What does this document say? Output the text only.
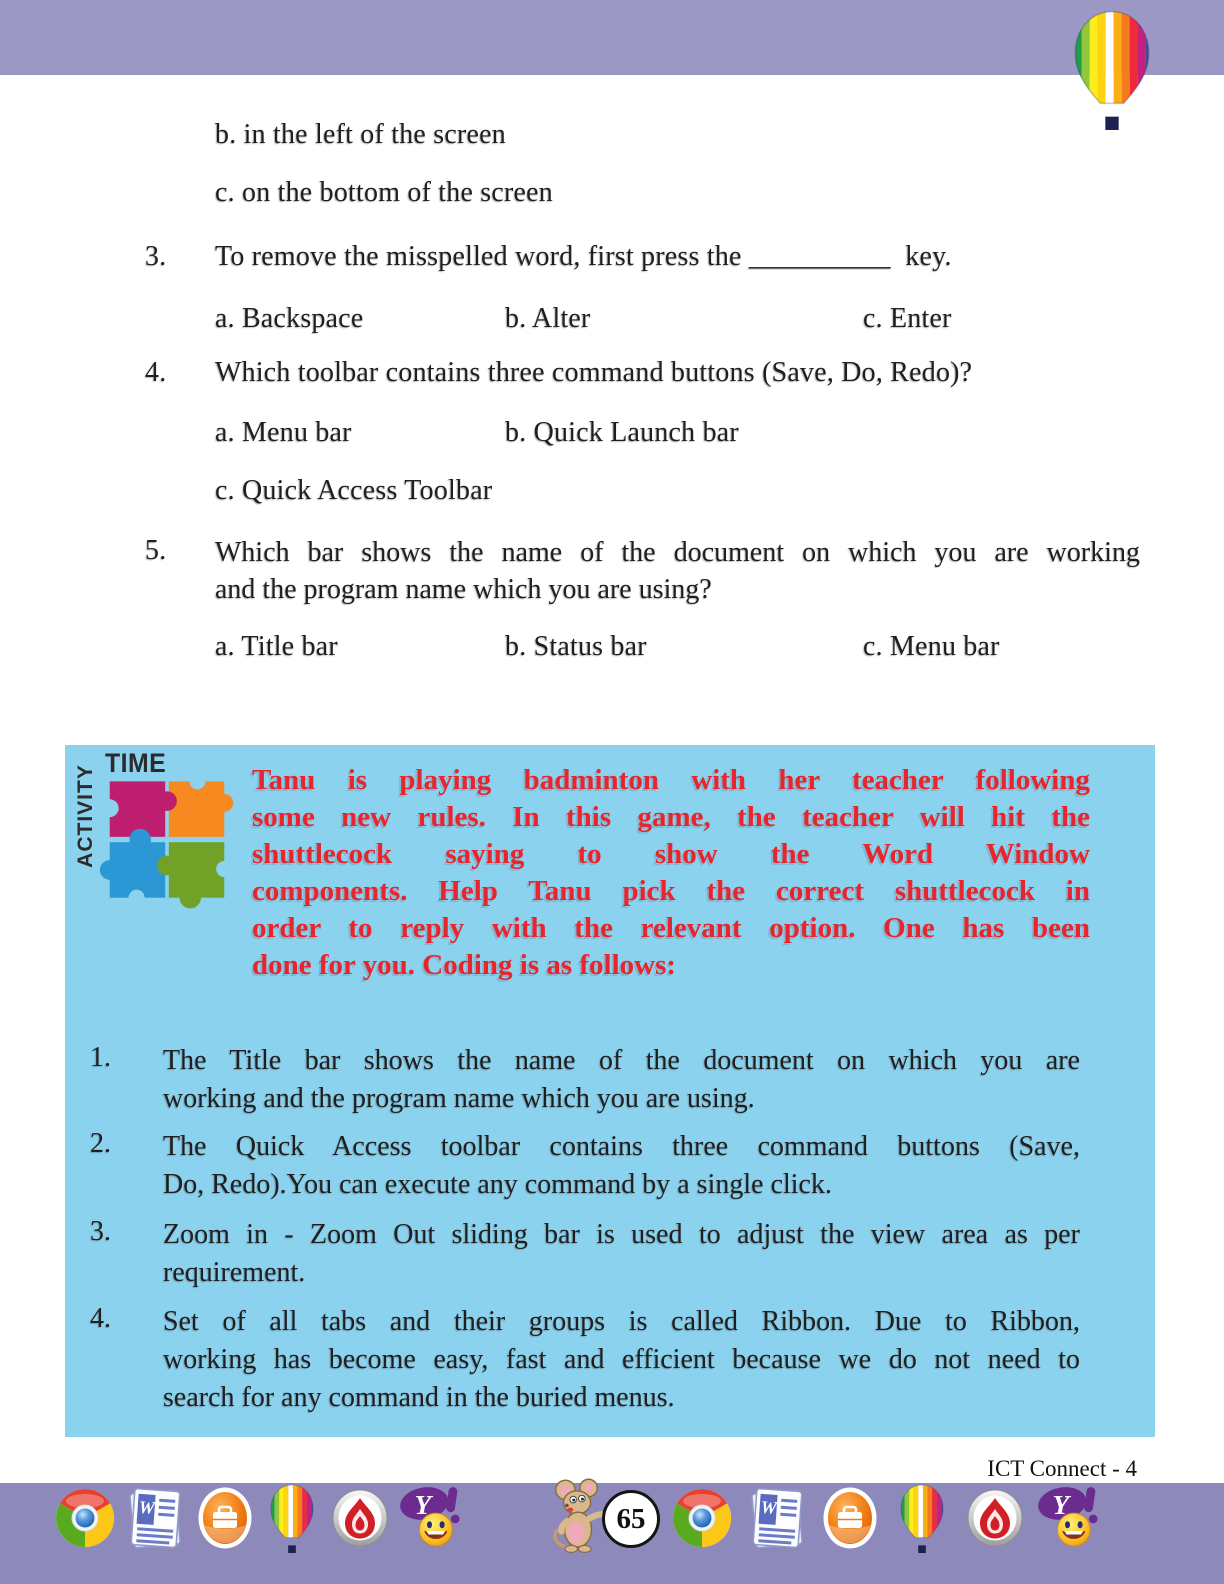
b. in the left of the screen
c. on the bottom of the screen
3. To remove the misspelled word, first press the __________  key.
a. Backspace	b. Alter	c. Enter
4. Which toolbar contains three command buttons (Save, Do, Redo)?
a. Menu bar	b. Quick Launch bar
c. Quick Access Toolbar
5. Which bar shows the name of the document on which you are working
and the program name which you are using?
a. Title bar	b. Status bar	c. Menu bar
TIME
ACTIVITY	Tanu is playing badminton with her teacher following
some new rules. In this game, the teacher will hit the
shuttlecock saying to show the Word Window
components. Help Tanu pick the correct shuttlecock in
order to reply with the relevant option. One has been
done for you. Coding is as follows:
1. The Title bar shows the name of the document on which you are
working and the program name which you are using.
2. The Quick Access toolbar contains three command buttons (Save,
Do, Redo).You can execute any command by a single click.
3. Zoom in - Zoom Out sliding bar is used to adjust the view area as per
requirement.
4. Set of all tabs and their groups is called Ribbon. Due to Ribbon,
working has become easy, fast and efficient because we do not need to
search for any command in the buried menus.
ICT Connect - 4
65
